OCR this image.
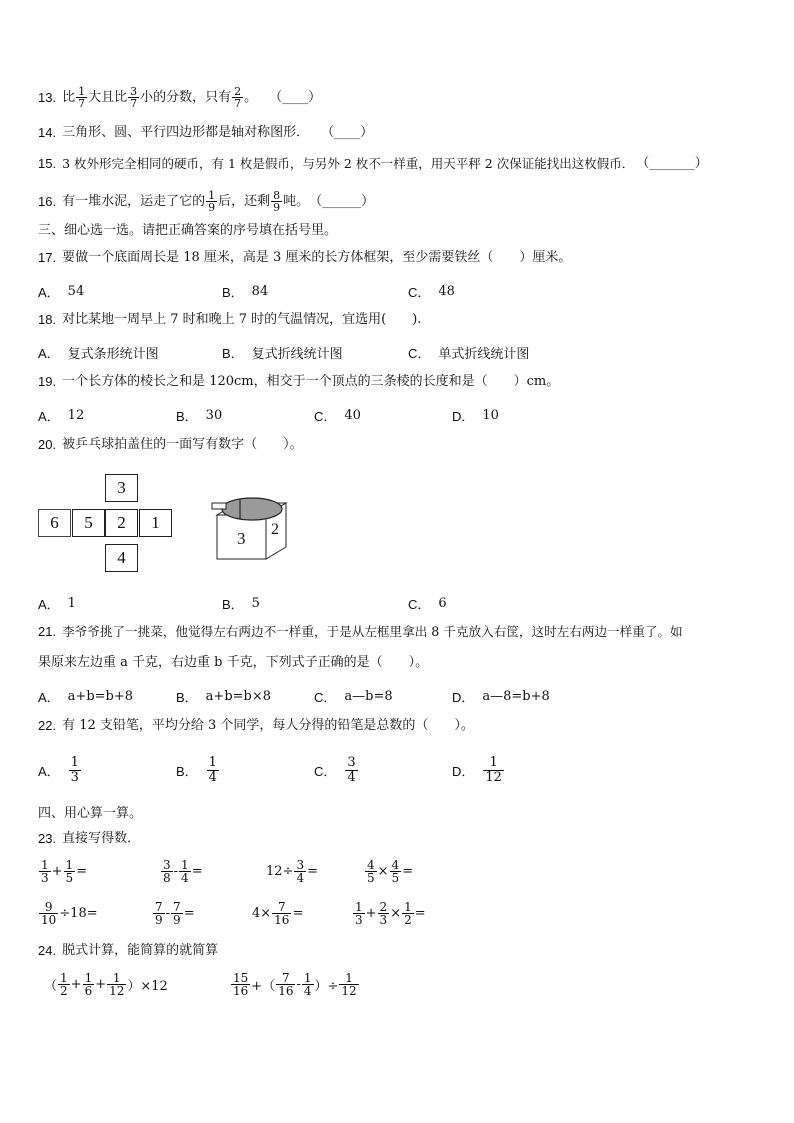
13. 比 $\frac{1}{7}$ 大且比 $\frac{3}{7}$ 小的分数，只有 $\frac{2}{7}$ 。 （____）
14. 三角形、圆、平行四边形都是轴对称图形． （____）
15. 3 枚外形完全相同的硬币，有 1 枚是假币，与另外 2 枚不一样重，用天平秤 2 次保证能找出这枚假币． （_______）
16. 有一堆水泥，运走了它的 $\frac{1}{9}$ 后，还剩 $\frac{8}{9}$ 吨。 （______）
三、细心选一选。请把正确答案的序号填在括号里。
17. 要做一个底面周长是 18 厘米，高是 3 厘米的长方体框架，至少需要铁丝（　　）厘米。
A． 54	B． 84	C． 48
18. 对比某地一周早上 7 时和晚上 7 时的气温情况，宜选用(　　).
A． 复式条形统计图	B． 复式折线统计图	C． 单式折线统计图
19. 一个长方体的棱长之和是 120cm，相交于一个顶点的三条棱的长度和是（　　）cm。
A． 12	B． 30	C． 40	D． 10
20. 被乒乓球拍盖住的一面写有数字（　　）。
3
6	5	2	1
4
3 2
A． 1	B． 5	C． 6
21. 李爷爷挑了一挑菜，他觉得左右两边不一样重，于是从左框里拿出 8 千克放入右筐，这时左右两边一样重了。如
果原来左边重 a 千克，右边重 b 千克，下列式子正确的是（　　）。
A． a+b=b+8	B． a+b=b×8	C． a—b=8	D． a—8=b+8
22. 有 12 支铅笔，平均分给 3 个同学，每人分得的铅笔是总数的（　　）。
A． $\frac{1}{3}$	B． $\frac{1}{4}$	C． $\frac{3}{4}$	D． $\frac{1}{12}$
四、用心算一算。
23. 直接写得数．
$\frac{1}{3} + \frac{1}{5}$ =	$\frac{3}{8} - \frac{1}{4}$ =	$12\div \frac{3}{4}$ =	$\frac{4}{5} \times \frac{4}{5}$ =
$\frac{9}{10} \div 18=$	$\frac{7}{9} - \frac{7}{9}$ =	$4\times \frac{7}{16}$ =	$\frac{1}{3} + \frac{2}{3} \times \frac{1}{2}$ =
24. 脱式计算，能简算的就简算
（ $\frac{1}{2} + \frac{1}{6} + \frac{1}{12} )\times 12$	$\frac{15}{16}$ +（ $\frac{7}{16} - \frac{1}{4}$ ）÷ $\frac{1}{12}$
